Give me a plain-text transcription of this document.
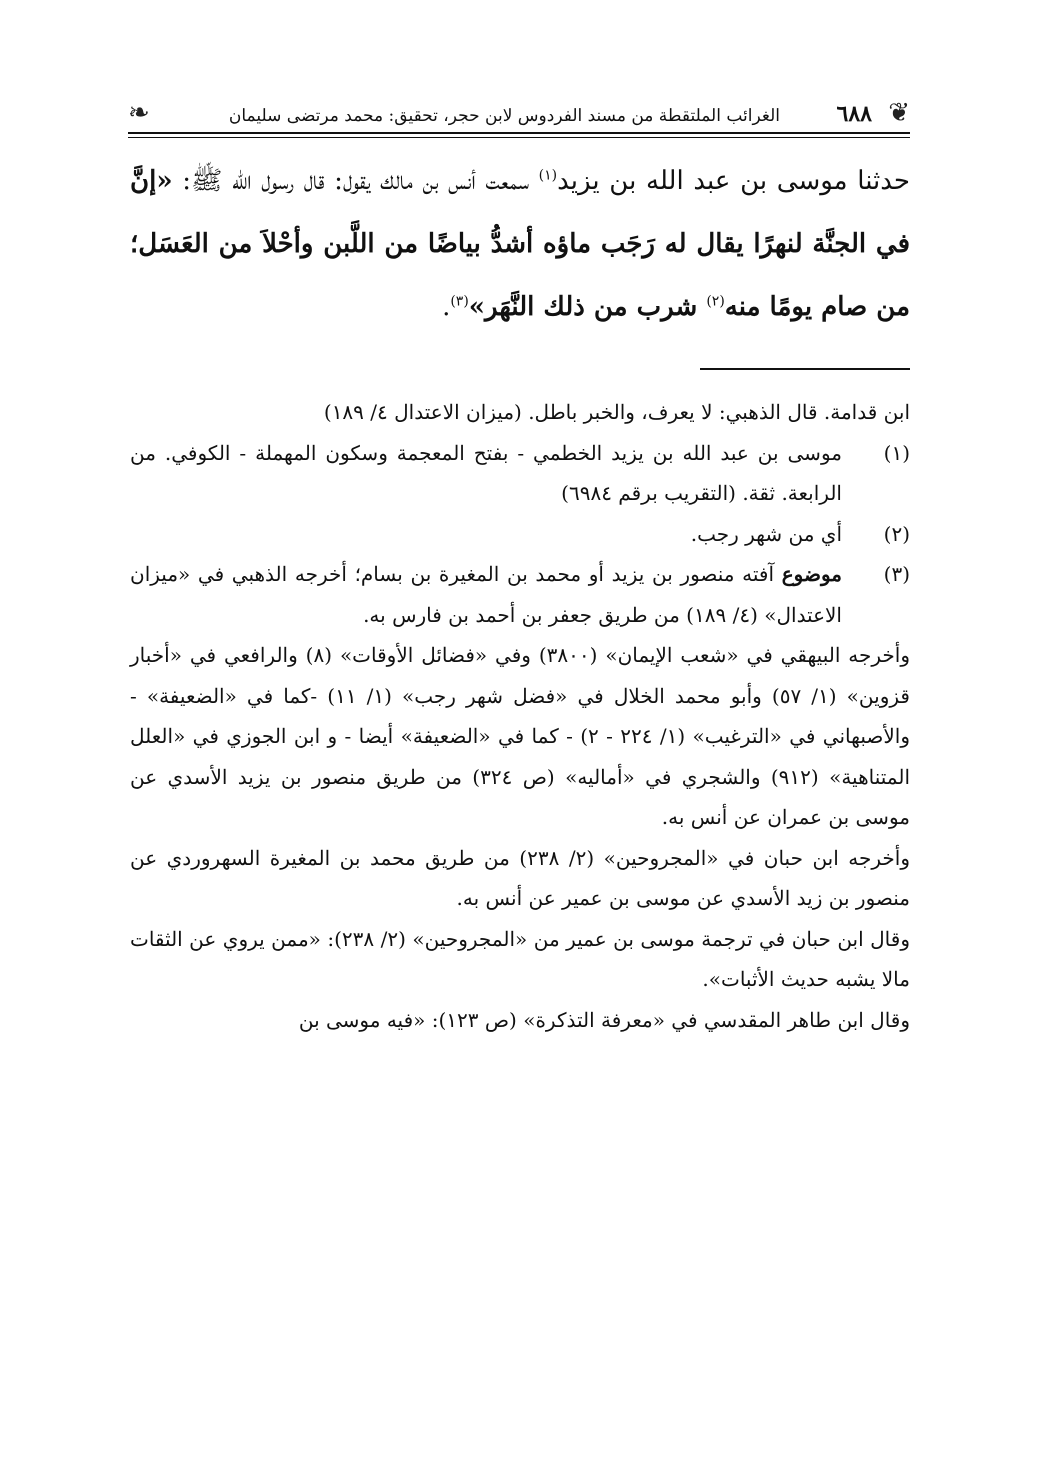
❦
٦٨٨
الغرائب الملتقطة من مسند الفردوس لابن حجر، تحقيق: محمد مرتضى سليمان
❧
حدثنا موسى بن عبد الله بن يزيد$^{(١)}$ سمعت أنس بن مالك يقول: قال رسول الله ﷺ: «إنَّ في الجنَّة لنهرًا يقال له رَجَب ماؤه أشدُّ بياضًا من اللَّبن وأحْلاَ من العَسَل؛ من صام يومًا منه$^{(٢)}$ شرب من ذلك النَّهَر»$^{(٣)}$.

ابن قدامة. قال الذهبي: لا يعرف، والخبر باطل. (ميزان الاعتدال ٤/ ١٨٩)

(١)
موسى بن عبد الله بن يزيد الخطمي - بفتح المعجمة وسكون المهملة - الكوفي. من الرابعة. ثقة. (التقريب برقم ٦٩٨٤)

(٢)
أي من شهر رجب.

(٣)
موضوع آفته منصور بن يزيد أو محمد بن المغيرة بن بسام؛ أخرجه الذهبي في «ميزان الاعتدال» (٤/ ١٨٩) من طريق جعفر بن أحمد بن فارس به.

وأخرجه البيهقي في «شعب الإيمان» (٣٨٠٠) وفي «فضائل الأوقات» (٨) والرافعي في «أخبار قزوين» (١/ ٥٧) وأبو محمد الخلال في «فضل شهر رجب» (١/ ١١) -كما في «الضعيفة» - والأصبهاني في «الترغيب» (١/ ٢٢٤ - ٢) - كما في «الضعيفة» أيضا - و ابن الجوزي في «العلل المتناهية» (٩١٢) والشجري في «أماليه» (ص ٣٢٤) من طريق منصور بن يزيد الأسدي عن موسى بن عمران عن أنس به.

وأخرجه ابن حبان في «المجروحين» (٢/ ٢٣٨) من طريق محمد بن المغيرة السهروردي عن منصور بن زيد الأسدي عن موسى بن عمير عن أنس به.

وقال ابن حبان في ترجمة موسى بن عمير من «المجروحين» (٢/ ٢٣٨): «ممن يروي عن الثقات مالا يشبه حديث الأثبات».

وقال ابن طاهر المقدسي في «معرفة التذكرة» (ص ١٢٣): «فيه موسى بن
